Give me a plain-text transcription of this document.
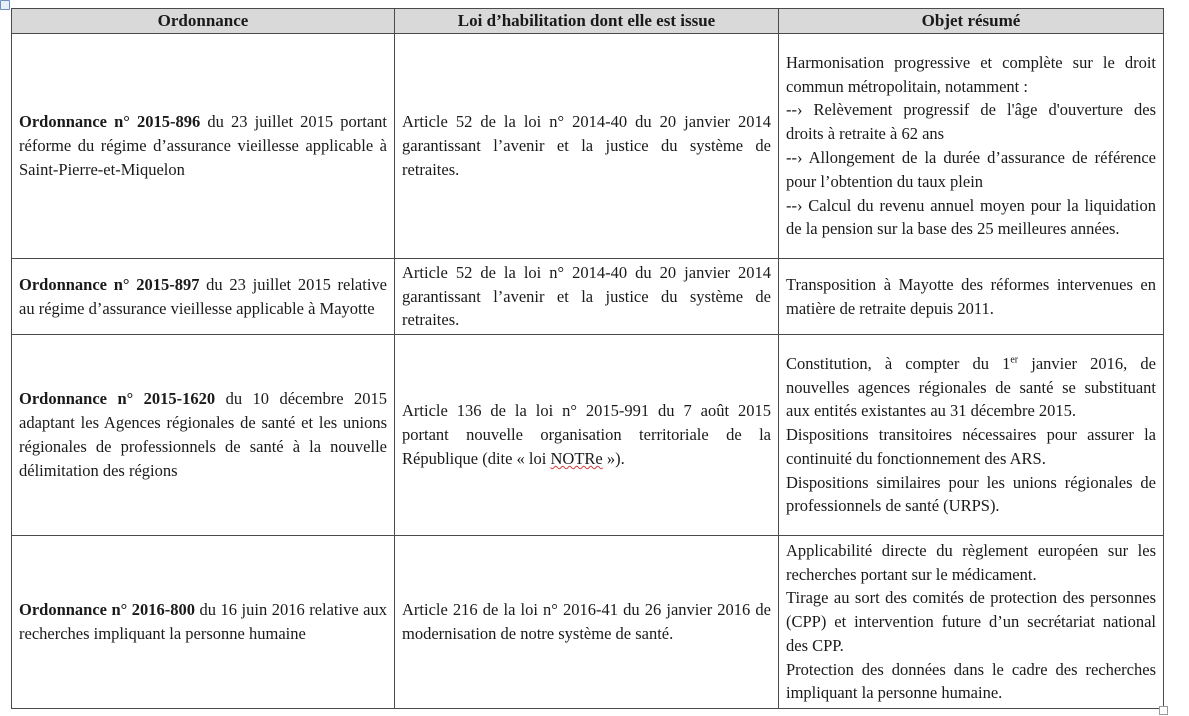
Ordonnance	Loi d’habilitation dont elle est issue	Objet résumé
Ordonnance n° 2015-896 du 23 juillet 2015 portant réforme du régime d’assurance vieillesse applicable à Saint-Pierre-et-Miquelon	Article 52 de la loi n° 2014-40 du 20 janvier 2014 garantissant l’avenir et la justice du système de retraites.	Harmonisation progressive et complète sur le droit commun métropolitain, notamment :
--› Relèvement progressif de l'âge d'ouverture des droits à retraite à 62 ans
--› Allongement de la durée d’assurance de référence pour l’obtention du taux plein
--› Calcul du revenu annuel moyen pour la liquidation de la pension sur la base des 25 meilleures années.

Ordonnance n° 2015-897 du 23 juillet 2015 relative au régime d’assurance vieillesse applicable à Mayotte	Article 52 de la loi n° 2014-40 du 20 janvier 2014 garantissant l’avenir et la justice du système de retraites.	Transposition à Mayotte des réformes intervenues en matière de retraite depuis 2011.

Ordonnance n° 2015-1620 du 10 décembre 2015 adaptant les Agences régionales de santé et les unions régionales de professionnels de santé à la nouvelle délimitation des régions	Article 136 de la loi n° 2015-991 du 7 août 2015 portant nouvelle organisation territoriale de la République (dite « loi NOTRe »).	Constitution, à compter du 1er janvier 2016, de nouvelles agences régionales de santé se substituant aux entités existantes au 31 décembre 2015.
Dispositions transitoires nécessaires pour assurer la continuité du fonctionnement des ARS.
Dispositions similaires pour les unions régionales de professionnels de santé (URPS).

Ordonnance n° 2016-800 du 16 juin 2016 relative aux recherches impliquant la personne humaine	Article 216 de la loi n° 2016-41 du 26 janvier 2016 de modernisation de notre système de santé.	Applicabilité directe du règlement européen sur les recherches portant sur le médicament.
Tirage au sort des comités de protection des personnes (CPP) et intervention future d’un secrétariat national des CPP.
Protection des données dans le cadre des recherches impliquant la personne humaine.
